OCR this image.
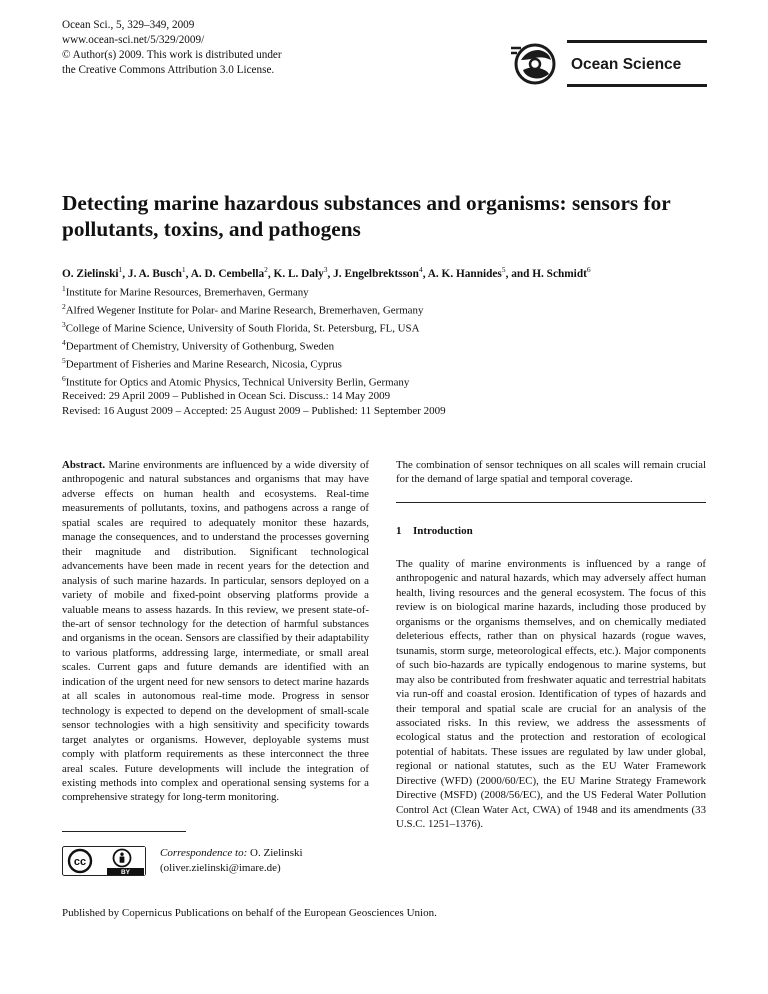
Ocean Sci., 5, 329–349, 2009
www.ocean-sci.net/5/329/2009/
© Author(s) 2009. This work is distributed under
the Creative Commons Attribution 3.0 License.	Ocean Science
Detecting marine hazardous substances and organisms: sensors for pollutants, toxins, and pathogens
O. Zielinski$^1$, J. A. Busch$^1$, A. D. Cembella$^2$, K. L. Daly$^3$, J. Engelbrektsson$^4$, A. K. Hannides$^5$, and H. Schmidt$^6$
$^1$Institute for Marine Resources, Bremerhaven, Germany
$^2$Alfred Wegener Institute for Polar- and Marine Research, Bremerhaven, Germany
$^3$College of Marine Science, University of South Florida, St. Petersburg, FL, USA
$^4$Department of Chemistry, University of Gothenburg, Sweden
$^5$Department of Fisheries and Marine Research, Nicosia, Cyprus
$^6$Institute for Optics and Atomic Physics, Technical University Berlin, Germany
Received: 29 April 2009 – Published in Ocean Sci. Discuss.: 14 May 2009
Revised: 16 August 2009 – Accepted: 25 August 2009 – Published: 11 September 2009
Abstract. Marine environments are influenced by a wide diversity of anthropogenic and natural substances and organisms that may have adverse effects on human health and ecosystems. Real-time measurements of pollutants, toxins, and pathogens across a range of spatial scales are required to adequately monitor these hazards, manage the consequences, and to understand the processes governing their magnitude and distribution. Significant technological advancements have been made in recent years for the detection and analysis of such marine hazards. In particular, sensors deployed on a variety of mobile and fixed-point observing platforms provide a valuable means to assess hazards. In this review, we present state-of-the-art of sensor technology for the detection of harmful substances and organisms in the ocean. Sensors are classified by their adaptability to various platforms, addressing large, intermediate, or small areal scales. Current gaps and future demands are identified with an indication of the urgent need for new sensors to detect marine hazards at all scales in autonomous real-time mode. Progress in sensor technology is expected to depend on the development of small-scale sensor technologies with a high sensitivity and specificity towards target analytes or organisms. However, deployable systems must comply with platform requirements as these interconnect the three areal scales. Future developments will include the integration of existing methods into complex and operational sensing systems for a comprehensive strategy for long-term monitoring.
cc
BY
Correspondence to: O. Zielinski
(oliver.zielinski@imare.de)
The combination of sensor techniques on all scales will remain crucial for the demand of large spatial and temporal coverage.
1 Introduction
The quality of marine environments is influenced by a range of anthropogenic and natural hazards, which may adversely affect human health, living resources and the general ecosystem. The focus of this review is on biological marine hazards, including those produced by organisms or the organisms themselves, and on chemically mediated deleterious effects, rather than on physical hazards (rogue waves, tsunamis, storm surge, meteorological effects, etc.). Major components of such bio-hazards are typically endogenous to marine systems, but may also be contributed from freshwater aquatic and terrestrial habitats via run-off and coastal erosion. Identification of types of hazards and their temporal and spatial scale are crucial for an analysis of the associated risks. In this review, we address the assessments of ecological status and the protection and restoration of ecological potential of habitats. These issues are regulated by law under global, regional or national statutes, such as the EU Water Framework Directive (WFD) (2000/60/EC), the EU Marine Strategy Framework Directive (MSFD) (2008/56/EC), and the US Federal Water Pollution Control Act (Clean Water Act, CWA) of 1948 and its amendments (33 U.S.C. 1251–1376).
Published by Copernicus Publications on behalf of the European Geosciences Union.
